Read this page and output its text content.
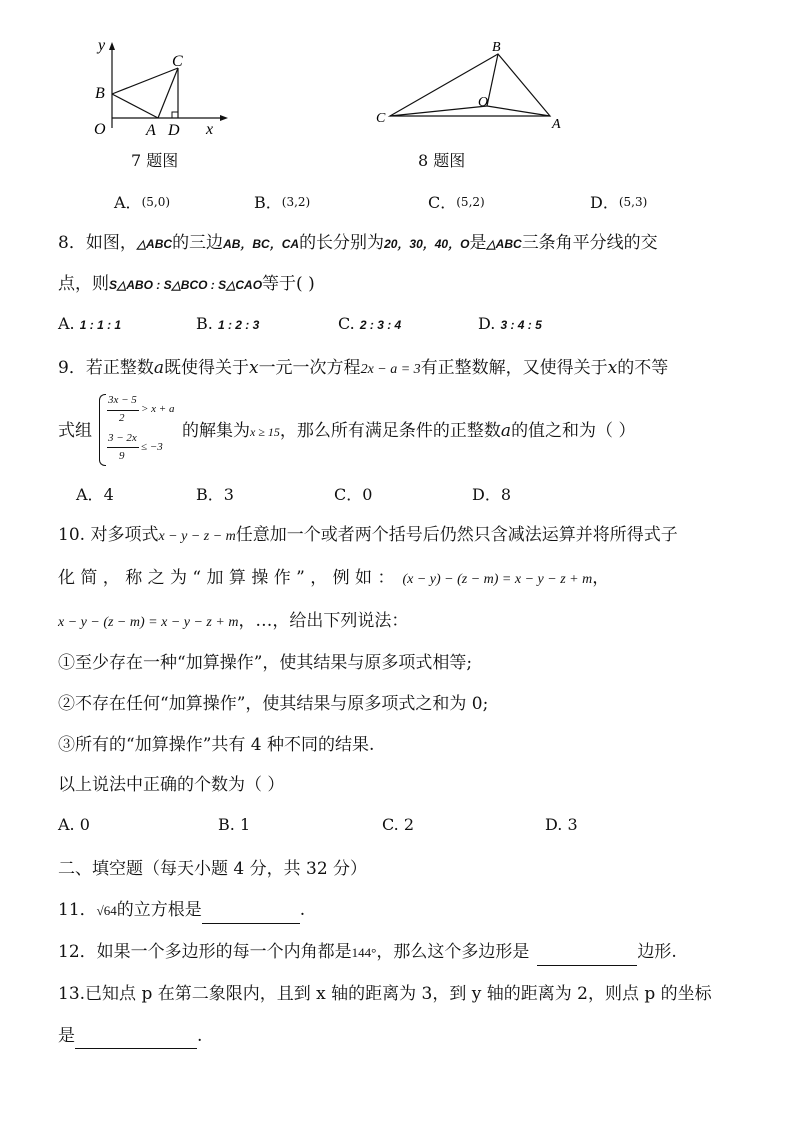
y
x
O
B
C
A D
7 题图
B
O
C	A
8 题图
A．(5,0)	B．(3,2)	C．(5,2)	D．(5,3)
8．如图，△ABC的三边AB，BC，CA的长分别为20，30，40，O是△ABC三条角平分线的交
点，则S△ABO : S△BCO : S△CAO等于( )
A. 1 : 1 : 1	B. 1 : 2 : 3	C. 2 : 3 : 4	D. 3 : 4 : 5
9．若正整数a既使得关于x一元一次方程2x − a = 3有正整数解，又使得关于x的不等
式组
3x − 5
2
> x + a
3 − 2x
9
≤ −3
的解集为x ≥ 15，那么所有满足条件的正整数a的值之和为（ ）
A．4	B．3	C．0	D．8
10. 对多项式x − y − z − m任意加一个或者两个括号后仍然只含减法运算并将所得式子
化 简 ， 称 之 为 “ 加 算 操 作 ” ， 例 如 ： (x − y) − (z − m) = x − y − z + m，
x − y − (z − m) = x − y − z + m，…，给出下列说法：
①至少存在一种“加算操作”，使其结果与原多项式相等;
②不存在任何“加算操作”，使其结果与原多项式之和为 0;
③所有的“加算操作”共有 4 种不同的结果.
以上说法中正确的个数为（ ）
A. 0	B. 1	C. 2	D. 3
二、填空题（每天小题 4 分，共 32 分）
11．√64的立方根是	.
12．如果一个多边形的每一个内角都是144°，那么这个多边形是	边形.
13.已知点 p 在第二象限内，且到 x 轴的距离为 3，到 y 轴的距离为 2，则点 p 的坐标
是	.
